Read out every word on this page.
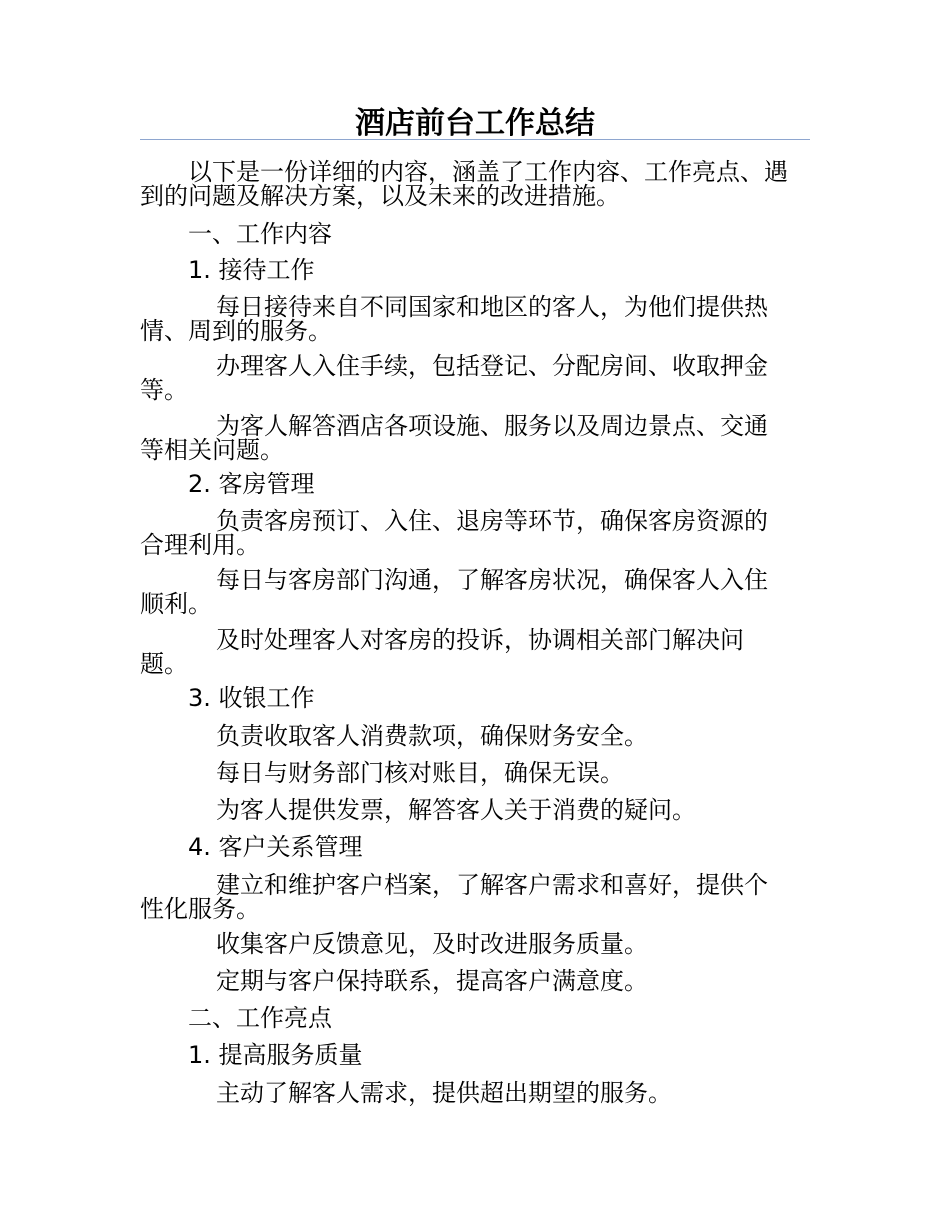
酒店前台工作总结

以下是一份详细的内容，涵盖了工作内容、工作亮点、遇

到的问题及解决方案，以及未来的改进措施。

一、工作内容

1. 接待工作

每日接待来自不同国家和地区的客人，为他们提供热

情、周到的服务。

办理客人入住手续，包括登记、分配房间、收取押金

等。

为客人解答酒店各项设施、服务以及周边景点、交通

等相关问题。

2. 客房管理

负责客房预订、入住、退房等环节，确保客房资源的

合理利用。

每日与客房部门沟通，了解客房状况，确保客人入住

顺利。

及时处理客人对客房的投诉，协调相关部门解决问

题。

3. 收银工作

负责收取客人消费款项，确保财务安全。

每日与财务部门核对账目，确保无误。

为客人提供发票，解答客人关于消费的疑问。

4. 客户关系管理

建立和维护客户档案，了解客户需求和喜好，提供个

性化服务。

收集客户反馈意见，及时改进服务质量。

定期与客户保持联系，提高客户满意度。

二、工作亮点

1. 提高服务质量

主动了解客人需求，提供超出期望的服务。
